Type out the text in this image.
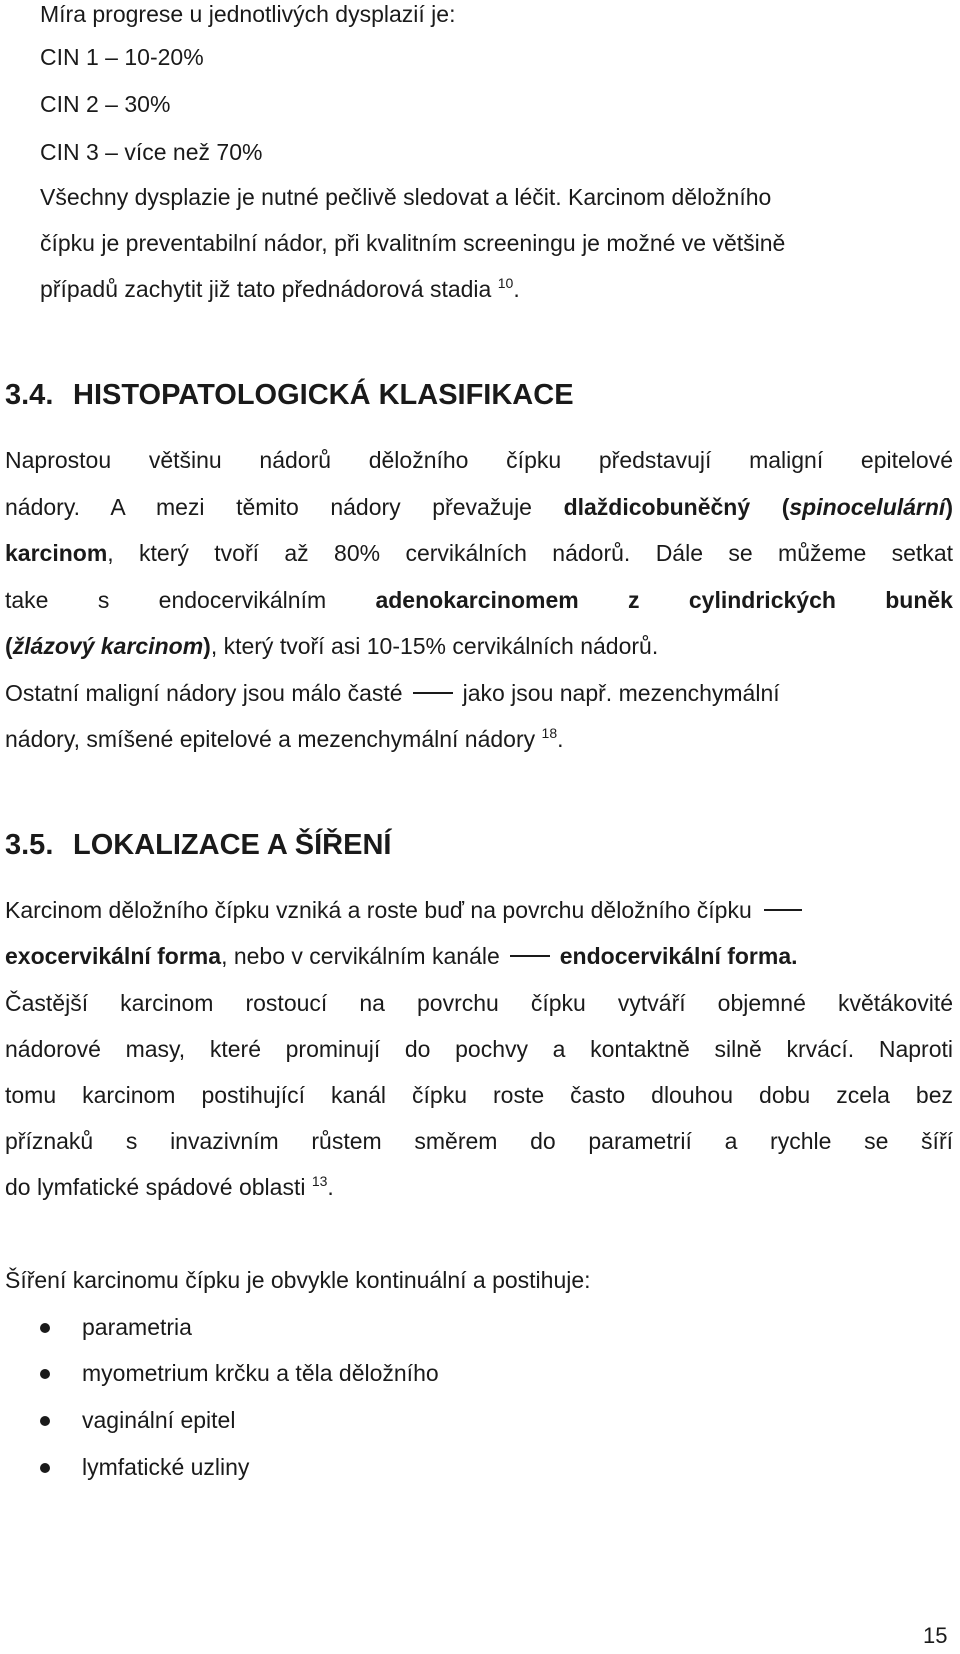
Míra progrese u jednotlivých dysplazií je:
CIN 1 – 10-20%
CIN 2 – 30%
CIN 3 – více než 70%
Všechny dysplazie je nutné pečlivě sledovat a léčit. Karcinom děložního
čípku je preventabilní nádor, při kvalitním screeningu je možné ve většině
případů zachytit již tato přednádorová stadia $^{10}$.
3.4. HISTOPATOLOGICKÁ KLASIFIKACE
Naprostou většinu nádorů děložního čípku představují maligní epitelové
nádory. A mezi těmito nádory převažuje dlaždicobuněčný (spinocelulární)
karcinom, který tvoří až 80% cervikálních nádorů. Dále se můžeme setkat
take s endocervikálním adenokarcinomem z cylindrických buněk
(žlázový karcinom), který tvoří asi 10-15% cervikálních nádorů.
Ostatní maligní nádory jsou málo časté	jako jsou např. mezenchymální
nádory, smíšené epitelové a mezenchymální nádory $^{18}$.
3.5. LOKALIZACE A ŠÍŘENÍ
Karcinom děložního čípku vzniká a roste buď na povrchu děložního čípku
exocervikální forma, nebo v cervikálním kanále	endocervikální forma.
Častější karcinom rostoucí na povrchu čípku vytváří objemné květákovité
nádorové masy, které prominují do pochvy a kontaktně silně krvácí. Naproti
tomu karcinom postihující kanál čípku roste často dlouhou dobu zcela bez
příznaků s invazivním růstem směrem do parametrií a rychle se šíří
do lymfatické spádové oblasti $^{13}$.
Šíření karcinomu čípku je obvykle kontinuální a postihuje:
parametria
myometrium krčku a těla děložního
vaginální epitel
lymfatické uzliny
15
